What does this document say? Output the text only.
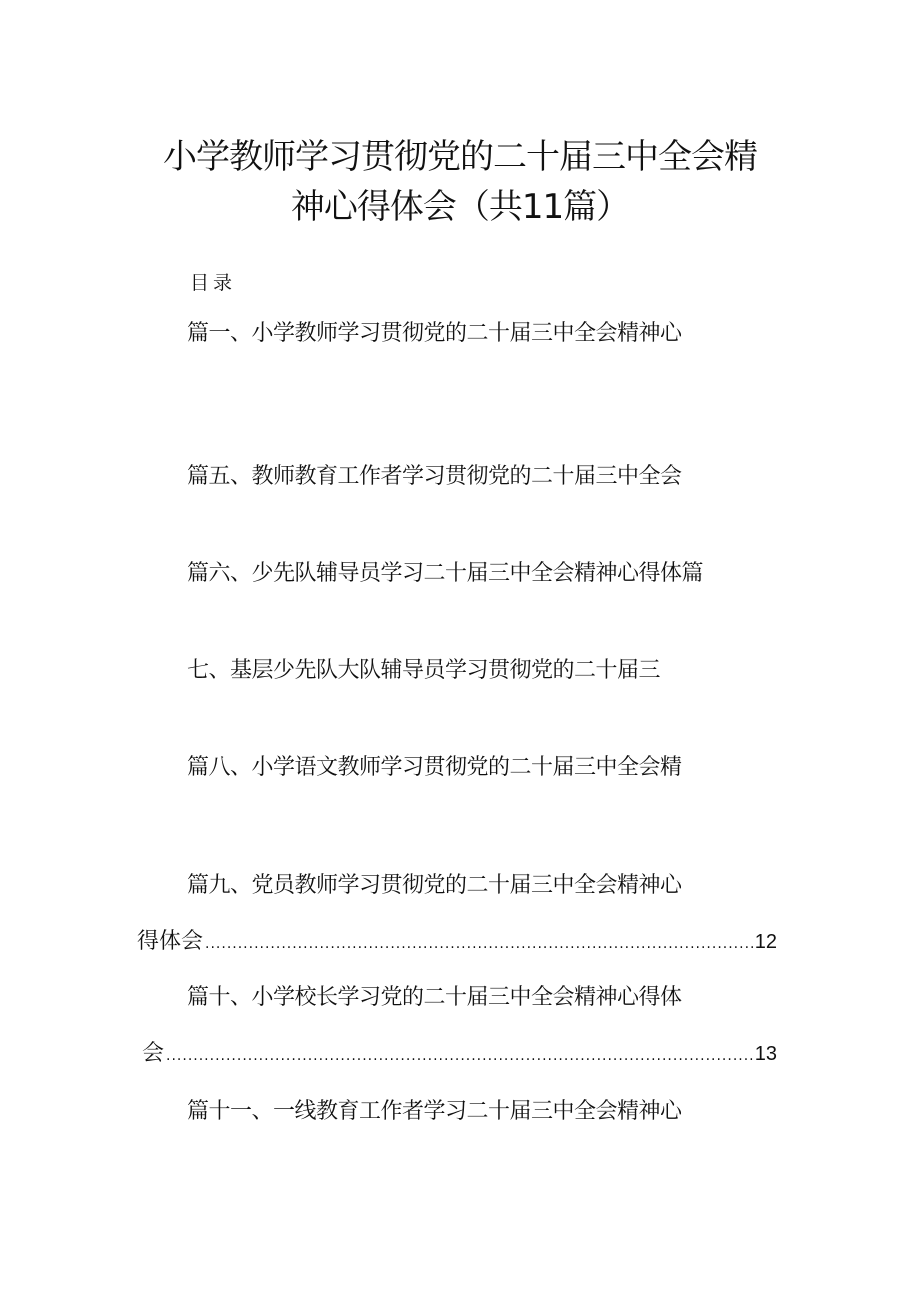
小学教师学习贯彻党的二十届三中全会精
神心得体会（共11篇）
目录
篇一、小学教师学习贯彻党的二十届三中全会精神心
篇五、教师教育工作者学习贯彻党的二十届三中全会
篇六、少先队辅导员学习二十届三中全会精神心得体篇
七、基层少先队大队辅导员学习贯彻党的二十届三
篇八、小学语文教师学习贯彻党的二十届三中全会精
篇九、党员教师学习贯彻党的二十届三中全会精神心
得体会 .....	12
篇十、小学校长学习党的二十届三中全会精神心得体
会 .....	13
篇十一、一线教育工作者学习二十届三中全会精神心
